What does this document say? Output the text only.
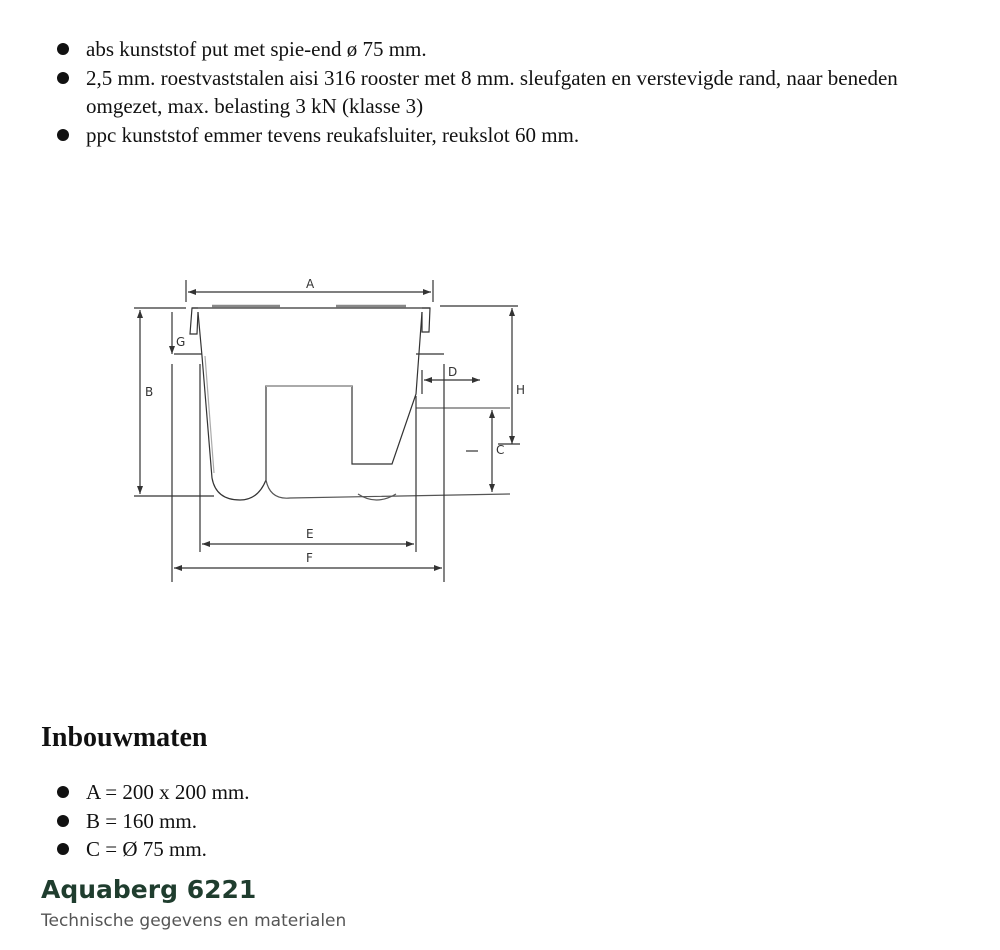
abs kunststof put met spie-end ø 75 mm.
2,5 mm. roestvaststalen aisi 316 rooster met 8 mm. sleufgaten en verstevigde rand, naar beneden omgezet, max. belasting 3 kN (klasse 3)
ppc kunststof emmer tevens reukafsluiter, reukslot 60 mm.
A
G
B	H
D
C
E
F
Inbouwmaten
A = 200 x 200 mm.
B = 160 mm.
C = Ø 75 mm.
Aquaberg 6221

Technische gegevens en materialen
